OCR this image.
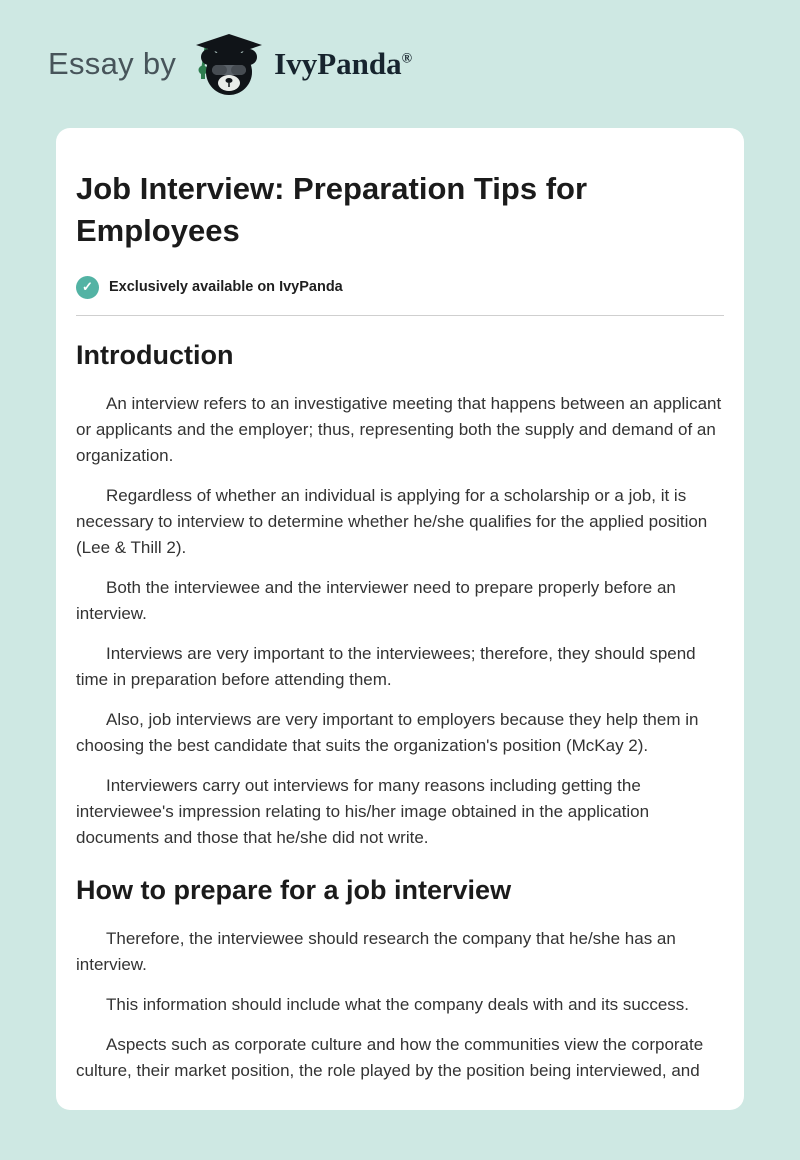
Essay by	IvyPanda®
Job Interview: Preparation Tips for Employees
✓	Exclusively available on IvyPanda
Introduction

An interview refers to an investigative meeting that happens between an applicant or applicants and the employer; thus, representing both the supply and demand of an organization.

Regardless of whether an individual is applying for a scholarship or a job, it is necessary to interview to determine whether he/she qualifies for the applied position (Lee & Thill 2).

Both the interviewee and the interviewer need to prepare properly before an interview.

Interviews are very important to the interviewees; therefore, they should spend time in preparation before attending them.

Also, job interviews are very important to employers because they help them in choosing the best candidate that suits the organization's position (McKay 2).

Interviewers carry out interviews for many reasons including getting the interviewee's impression relating to his/her image obtained in the application documents and those that he/she did not write.

How to prepare for a job interview

Therefore, the interviewee should research the company that he/she has an interview.

This information should include what the company deals with and its success.

Aspects such as corporate culture and how the communities view the corporate culture, their market position, the role played by the position being interviewed, and
